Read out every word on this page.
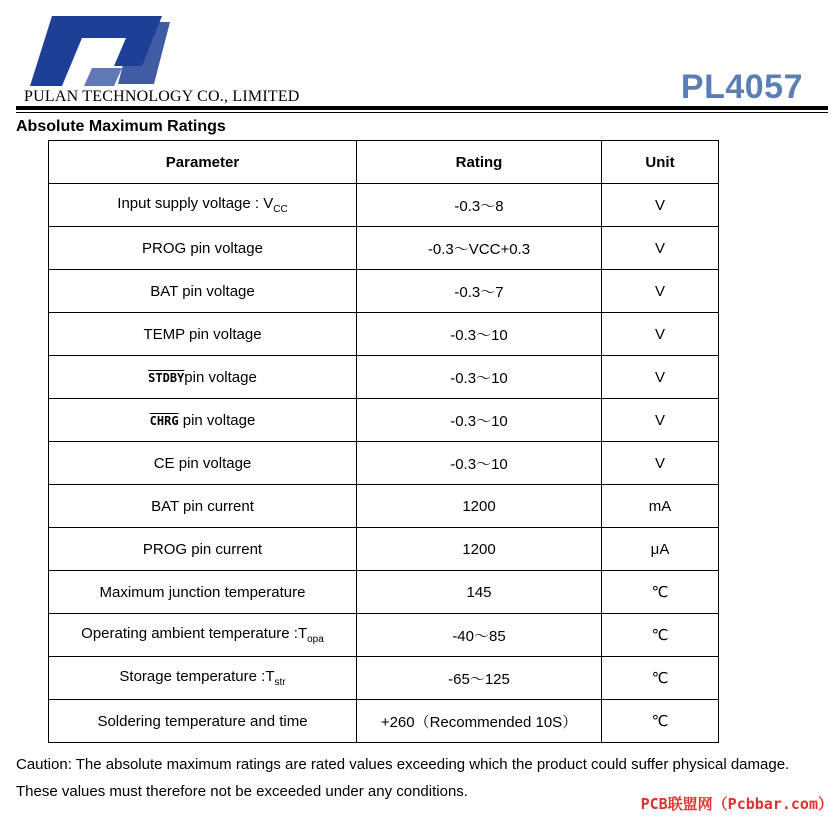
PULAN TECHNOLOGY CO., LIMITED	PL4057
Absolute Maximum Ratings
Parameter	Rating	Unit
Input supply voltage : $V_{CC}$	-0.3～8	V
PROG pin voltage	-0.3～VCC+0.3	V
BAT pin voltage	-0.3～7	V
TEMP pin voltage	-0.3～10	V
STDBYpin voltage	-0.3～10	V
CHRG pin voltage	-0.3～10	V
CE pin voltage	-0.3～10	V
BAT pin current	1200	mA
PROG pin current	1200	μA
Maximum junction temperature	145	℃
Operating ambient temperature $:T_{opa}$	-40～85	℃
Storage temperature $:T_{str}$	-65～125	℃
Soldering temperature and time	+260（Recommended 10S）	℃
Caution: The absolute maximum ratings are rated values exceeding which the product could suffer physical damage.
These values must therefore not be exceeded under any conditions.
PCB联盟网（Pcbbar.com）
